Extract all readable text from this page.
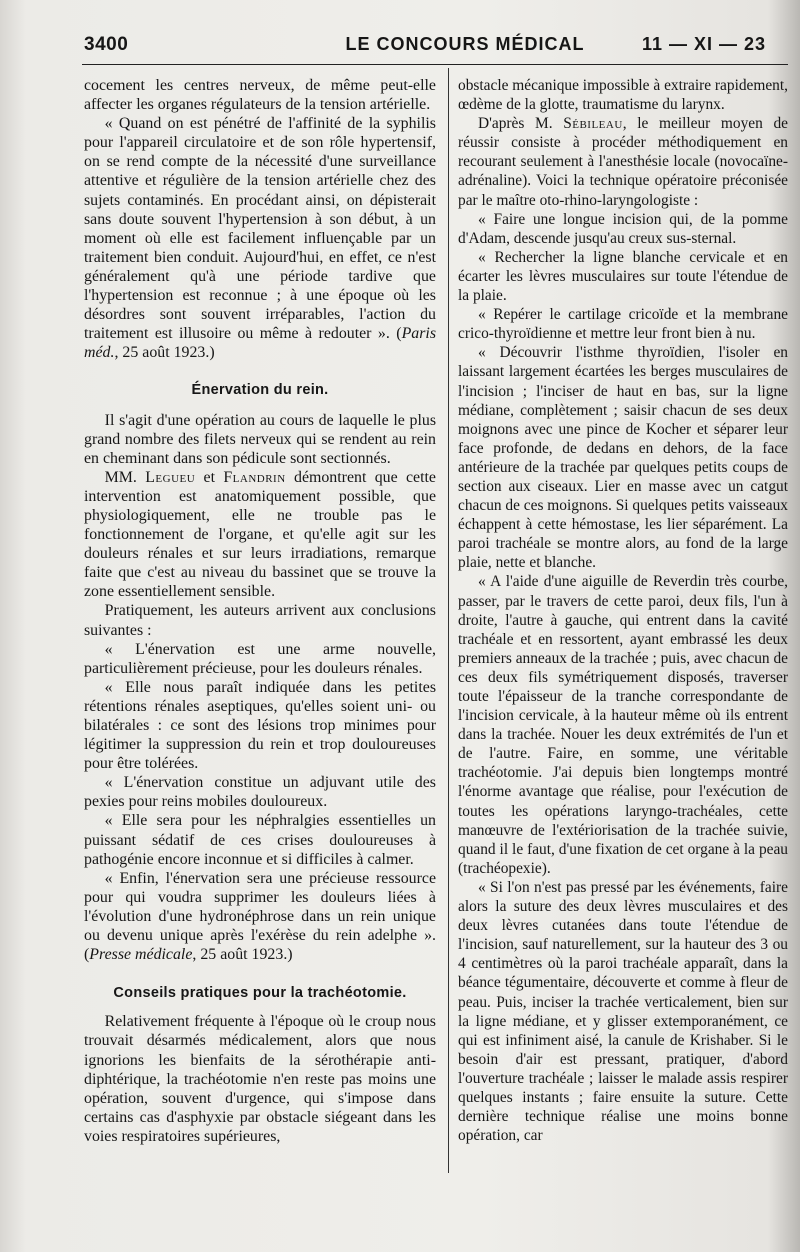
3400	LE CONCOURS MÉDICAL	11 — XI — 23

cocement les centres nerveux, de même peut-elle affecter les organes régulateurs de la tension artérielle.

« Quand on est pénétré de l'affinité de la syphilis pour l'appareil circulatoire et de son rôle hypertensif, on se rend compte de la nécessité d'une surveillance attentive et régulière de la tension artérielle chez des sujets contaminés. En procédant ainsi, on dépisterait sans doute souvent l'hypertension à son début, à un moment où elle est facilement influençable par un traitement bien conduit. Aujourd'hui, en effet, ce n'est généralement qu'à une période tardive que l'hypertension est reconnue ; à une époque où les désordres sont souvent irréparables, l'action du traitement est illusoire ou même à redouter ». (Paris méd., 25 août 1923.)

Énervation du rein.

Il s'agit d'une opération au cours de laquelle le plus grand nombre des filets nerveux qui se rendent au rein en cheminant dans son pédicule sont sectionnés.

MM. Legueu et Flandrin démontrent que cette intervention est anatomiquement possible, que physiologiquement, elle ne trouble pas le fonctionnement de l'organe, et qu'elle agit sur les douleurs rénales et sur leurs irradiations, remarque faite que c'est au niveau du bassinet que se trouve la zone essentiellement sensible.

Pratiquement, les auteurs arrivent aux conclusions suivantes :

« L'énervation est une arme nouvelle, particulièrement précieuse, pour les douleurs rénales.

« Elle nous paraît indiquée dans les petites rétentions rénales aseptiques, qu'elles soient uni- ou bilatérales : ce sont des lésions trop minimes pour légitimer la suppression du rein et trop douloureuses pour être tolérées.

« L'énervation constitue un adjuvant utile des pexies pour reins mobiles douloureux.

« Elle sera pour les néphralgies essentielles un puissant sédatif de ces crises douloureuses à pathogénie encore inconnue et si difficiles à calmer.

« Enfin, l'énervation sera une précieuse ressource pour qui voudra supprimer les douleurs liées à l'évolution d'une hydronéphrose dans un rein unique ou devenu unique après l'exérèse du rein adelphe ». (Presse médicale, 25 août 1923.)

Conseils pratiques pour la trachéotomie.

Relativement fréquente à l'époque où le croup nous trouvait désarmés médicalement, alors que nous ignorions les bienfaits de la sérothérapie anti-diphtérique, la trachéotomie n'en reste pas moins une opération, souvent d'urgence, qui s'impose dans certains cas d'asphyxie par obstacle siégeant dans les voies respiratoires supérieures,

obstacle mécanique impossible à extraire rapidement, œdème de la glotte, traumatisme du larynx.

D'après M. Sébileau, le meilleur moyen de réussir consiste à procéder méthodiquement en recourant seulement à l'anesthésie locale (novocaïne-adrénaline). Voici la technique opératoire préconisée par le maître oto-rhino-laryngologiste :

« Faire une longue incision qui, de la pomme d'Adam, descende jusqu'au creux sus-sternal.

« Rechercher la ligne blanche cervicale et en écarter les lèvres musculaires sur toute l'étendue de la plaie.

« Repérer le cartilage cricoïde et la membrane crico-thyroïdienne et mettre leur front bien à nu.

« Découvrir l'isthme thyroïdien, l'isoler en laissant largement écartées les berges musculaires de l'incision ; l'inciser de haut en bas, sur la ligne médiane, complètement ; saisir chacun de ses deux moignons avec une pince de Kocher et séparer leur face profonde, de dedans en dehors, de la face antérieure de la trachée par quelques petits coups de section aux ciseaux. Lier en masse avec un catgut chacun de ces moignons. Si quelques petits vaisseaux échappent à cette hémostase, les lier séparément. La paroi trachéale se montre alors, au fond de la large plaie, nette et blanche.

« A l'aide d'une aiguille de Reverdin très courbe, passer, par le travers de cette paroi, deux fils, l'un à droite, l'autre à gauche, qui entrent dans la cavité trachéale et en ressortent, ayant embrassé les deux premiers anneaux de la trachée ; puis, avec chacun de ces deux fils symétriquement disposés, traverser toute l'épaisseur de la tranche correspondante de l'incision cervicale, à la hauteur même où ils entrent dans la trachée. Nouer les deux extrémités de l'un et de l'autre. Faire, en somme, une véritable trachéotomie. J'ai depuis bien longtemps montré l'énorme avantage que réalise, pour l'exécution de toutes les opérations laryngo-trachéales, cette manœuvre de l'extériorisation de la trachée suivie, quand il le faut, d'une fixation de cet organe à la peau (trachéopexie).

« Si l'on n'est pas pressé par les événements, faire alors la suture des deux lèvres musculaires et des deux lèvres cutanées dans toute l'étendue de l'incision, sauf naturellement, sur la hauteur des 3 ou 4 centimètres où la paroi trachéale apparaît, dans la béance tégumentaire, découverte et comme à fleur de peau. Puis, inciser la trachée verticalement, bien sur la ligne médiane, et y glisser extemporanément, ce qui est infiniment aisé, la canule de Krishaber. Si le besoin d'air est pressant, pratiquer, d'abord l'ouverture trachéale ; laisser le malade assis respirer quelques instants ; faire ensuite la suture. Cette dernière technique réalise une moins bonne opération, car
